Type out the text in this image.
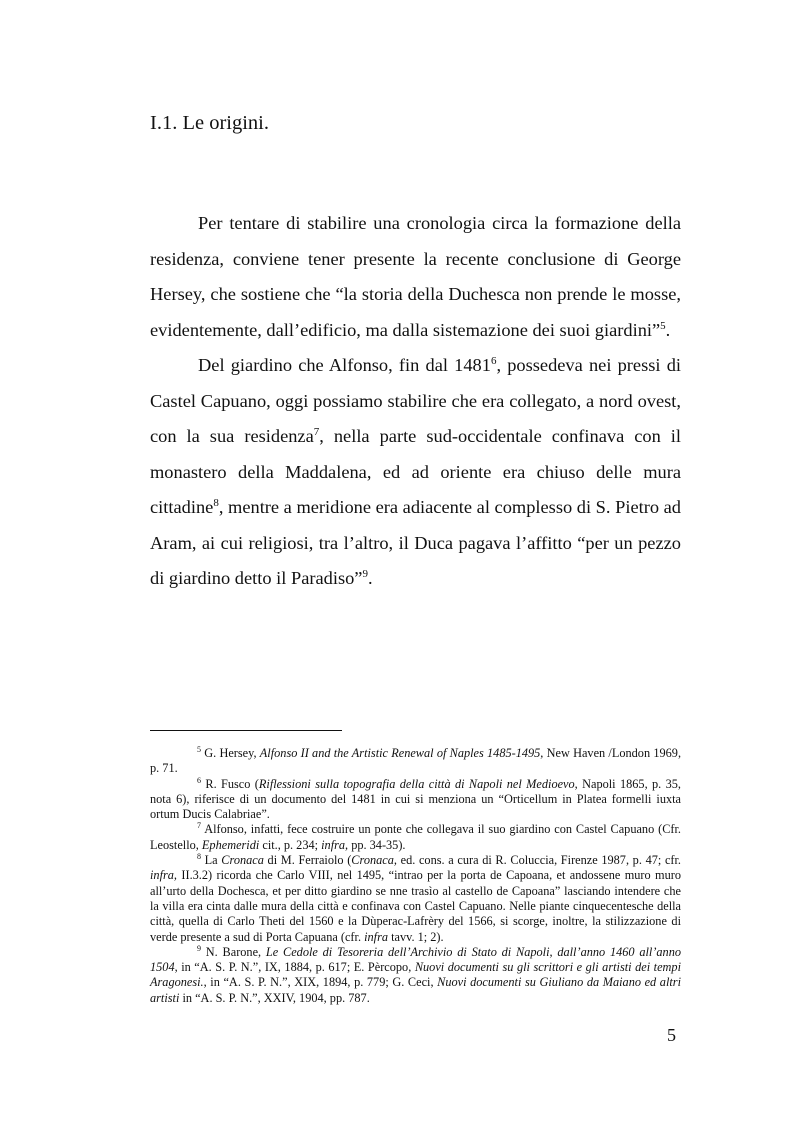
I.1. Le origini.

Per tentare di stabilire una cronologia circa la formazione della residenza, conviene tener presente la recente conclusione di George Hersey, che sostiene che “la storia della Duchesca non prende le mosse, evidentemente, dall’edificio, ma dalla sistemazione dei suoi giardini”$^5$.

Del giardino che Alfonso, fin dal 1481$^6$, possedeva nei pressi di Castel Capuano, oggi possiamo stabilire che era collegato, a nord ovest, con la sua residenza$^7$, nella parte sud-occidentale confinava con il monastero della Maddalena, ed ad oriente era chiuso delle mura cittadine$^8$, mentre a meridione era adiacente al complesso di S. Pietro ad Aram, ai cui religiosi, tra l’altro, il Duca pagava l’affitto “per un pezzo di giardino detto il Paradiso”$^9$.

$^5$ G. Hersey, Alfonso II and the Artistic Renewal of Naples 1485-1495, New Haven /London 1969, p. 71.

$^6$ R. Fusco (Riflessioni sulla topografia della città di Napoli nel Medioevo, Napoli 1865, p. 35, nota 6), riferisce di un documento del 1481 in cui si menziona un “Orticellum in Platea formelli iuxta ortum Ducis Calabriae”.

$^7$ Alfonso, infatti, fece costruire un ponte che collegava il suo giardino con Castel Capuano (Cfr. Leostello, Ephemeridi cit., p. 234; infra, pp. 34-35).

$^8$ La Cronaca di M. Ferraiolo (Cronaca, ed. cons. a cura di R. Coluccia, Firenze 1987, p. 47; cfr. infra, II.3.2) ricorda che Carlo VIII, nel 1495, “intrao per la porta de Capoana, et andossene muro muro all’urto della Dochesca, et per ditto giardino se nne trasìo al castello de Capoana” lasciando intendere che la villa era cinta dalle mura della città e confinava con Castel Capuano. Nelle piante cinquecentesche della città, quella di Carlo Theti del 1560 e la Dùperac-Lafrèry del 1566, si scorge, inoltre, la stilizzazione di verde presente a sud di Porta Capuana (cfr. infra tavv. 1; 2).

$^9$ N. Barone, Le Cedole di Tesoreria dell’Archivio di Stato di Napoli, dall’anno 1460 all’anno 1504, in “A. S. P. N.”, IX, 1884, p. 617; E. Pèrcopo, Nuovi documenti su gli scrittori e gli artisti dei tempi Aragonesi., in “A. S. P. N.”, XIX, 1894, p. 779; G. Ceci, Nuovi documenti su Giuliano da Maiano ed altri artisti in “A. S. P. N.”, XXIV, 1904, pp. 787.

5
